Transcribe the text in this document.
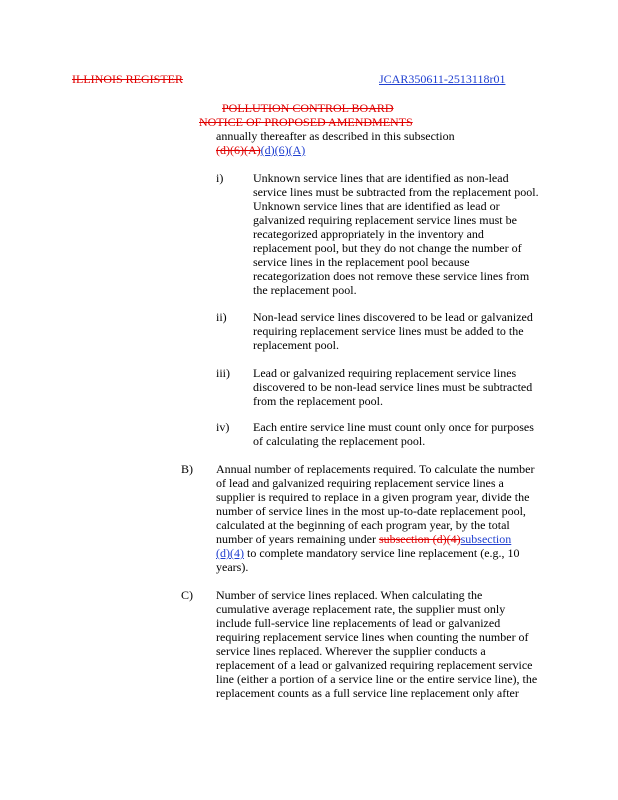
ILLINOIS REGISTER	JCAR350611-2513118r01
POLLUTION CONTROL BOARD
NOTICE OF PROPOSED AMENDMENTS
annually thereafter as described in this subsection
(d)(6)(A)(d)(6)(A)
i) Unknown service lines that are identified as non-lead
service lines must be subtracted from the replacement pool.
Unknown service lines that are identified as lead or
galvanized requiring replacement service lines must be
recategorized appropriately in the inventory and
replacement pool, but they do not change the number of
service lines in the replacement pool because
recategorization does not remove these service lines from
the replacement pool.
ii) Non-lead service lines discovered to be lead or galvanized
requiring replacement service lines must be added to the
replacement pool.
iii) Lead or galvanized requiring replacement service lines
discovered to be non-lead service lines must be subtracted
from the replacement pool.
iv) Each entire service line must count only once for purposes
of calculating the replacement pool.
B) Annual number of replacements required. To calculate the number
of lead and galvanized requiring replacement service lines a
supplier is required to replace in a given program year, divide the
number of service lines in the most up-to-date replacement pool,
calculated at the beginning of each program year, by the total
number of years remaining under subsection (d)(4)subsection
(d)(4) to complete mandatory service line replacement (e.g., 10
years).
C) Number of service lines replaced. When calculating the
cumulative average replacement rate, the supplier must only
include full-service line replacements of lead or galvanized
requiring replacement service lines when counting the number of
service lines replaced. Wherever the supplier conducts a
replacement of a lead or galvanized requiring replacement service
line (either a portion of a service line or the entire service line), the
replacement counts as a full service line replacement only after
